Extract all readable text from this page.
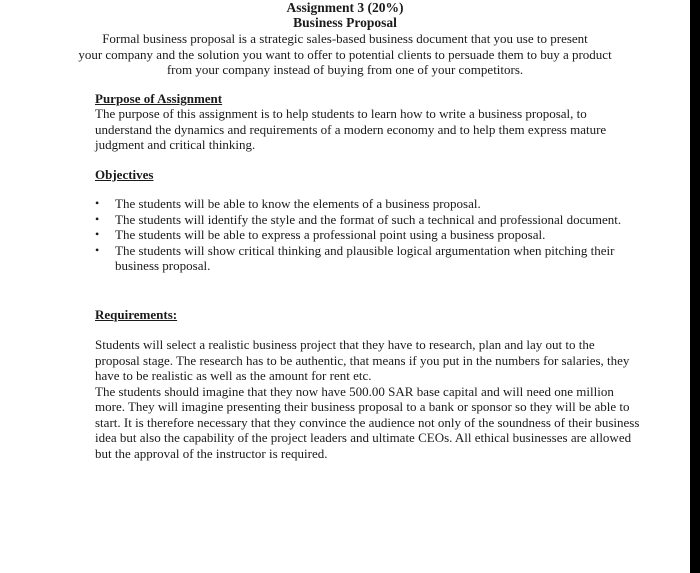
Assignment 3 (20%)
Business Proposal
Formal business proposal is a strategic sales-based business document that you use to present
your company and the solution you want to offer to potential clients to persuade them to buy a product
from your company instead of buying from one of your competitors.
Purpose of Assignment
The purpose of this assignment is to help students to learn how to write a business proposal, to
understand the dynamics and requirements of a modern economy and to help them express mature
judgment and critical thinking.
Objectives
•	The students will be able to know the elements of a business proposal.
•	The students will identify the style and the format of such a technical and professional document.
•	The students will be able to express a professional point using a business proposal.
•	The students will show critical thinking and plausible logical argumentation when pitching their
business proposal.
Requirements:
Students will select a realistic business project that they have to research, plan and lay out to the
proposal stage. The research has to be authentic, that means if you put in the numbers for salaries, they
have to be realistic as well as the amount for rent etc.
The students should imagine that they now have 500.00 SAR base capital and will need one million
more. They will imagine presenting their business proposal to a bank or sponsor so they will be able to
start. It is therefore necessary that they convince the audience not only of the soundness of their business
idea but also the capability of the project leaders and ultimate CEOs. All ethical businesses are allowed
but the approval of the instructor is required.
